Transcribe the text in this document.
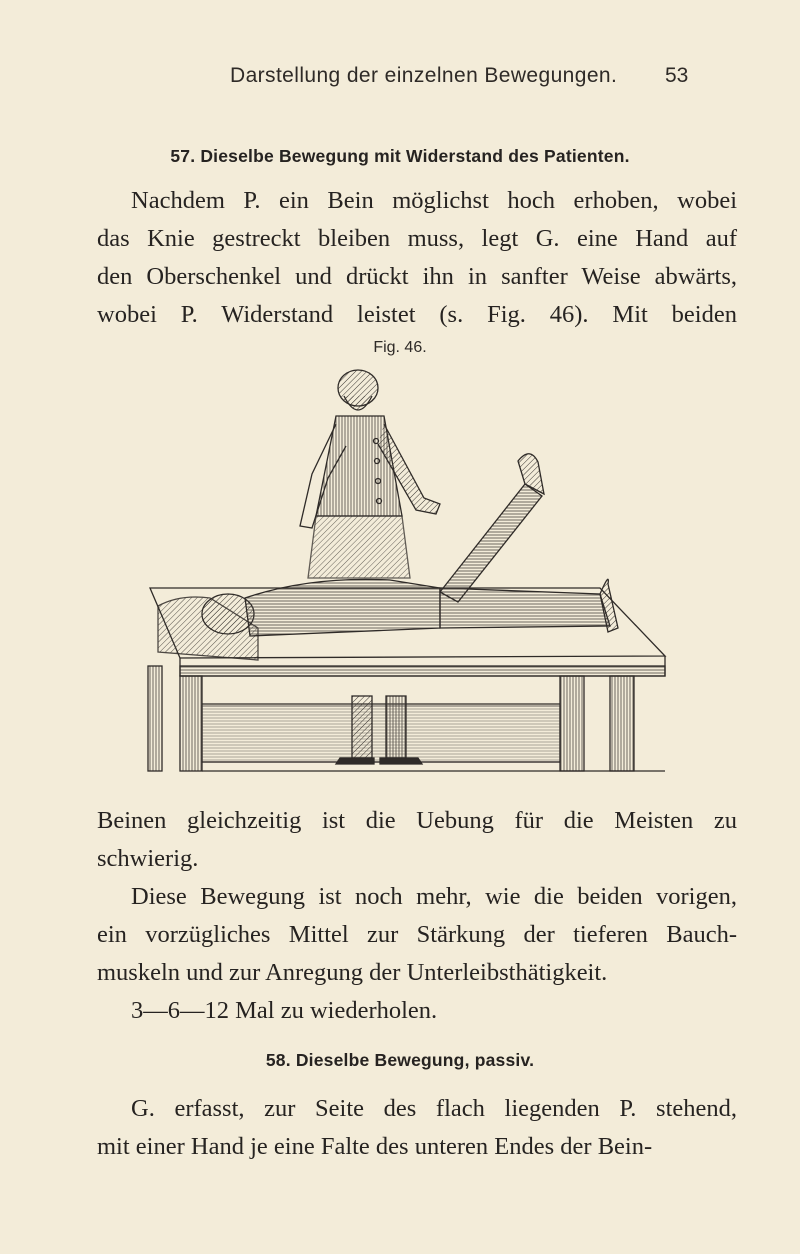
Darstellung der einzelnen Bewegungen. 53
57. Dieselbe Bewegung mit Widerstand des Patienten.
Nachdem P. ein Bein möglichst hoch erhoben, wobei
das Knie gestreckt bleiben muss, legt G. eine Hand auf
den Oberschenkel und drückt ihn in sanfter Weise abwärts,
wobei P. Widerstand leistet (s. Fig. 46). Mit beiden
Fig. 46.
Beinen gleichzeitig ist die Uebung für die Meisten zu
schwierig.
Diese Bewegung ist noch mehr, wie die beiden vorigen,
ein vorzügliches Mittel zur Stärkung der tieferen Bauch-
muskeln und zur Anregung der Unterleibsthätigkeit.
3—6—12 Mal zu wiederholen.
58. Dieselbe Bewegung, passiv.
G. erfasst, zur Seite des flach liegenden P. stehend,
mit einer Hand je eine Falte des unteren Endes der Bein-
